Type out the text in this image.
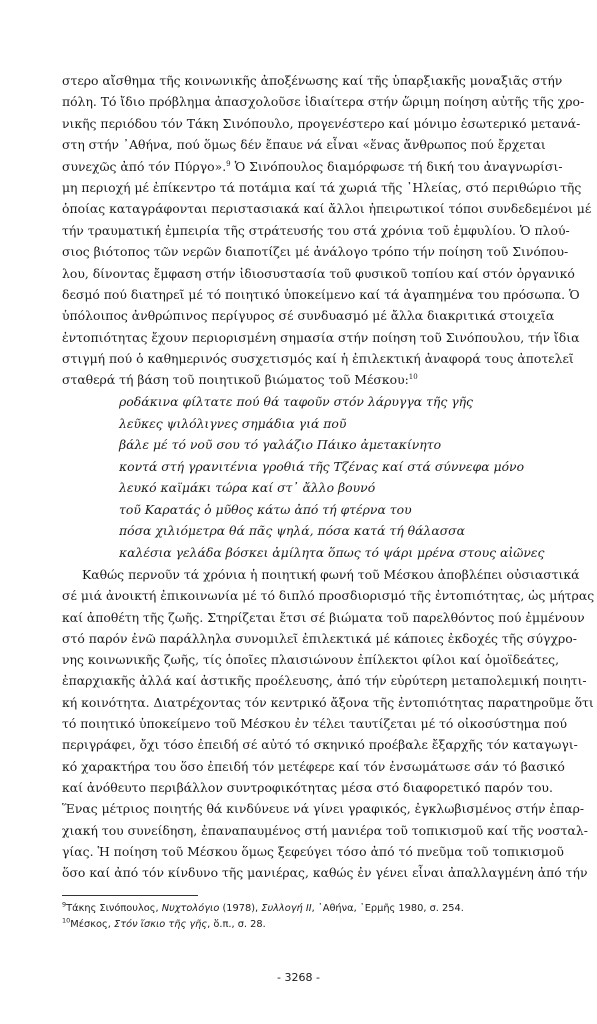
στερο αἴσθημα τῆς κοινωνικῆς ἀποξένωσης καί τῆς ὑπαρξιακῆς μοναξιᾶς στήν
πόλη. Τό ἴδιο πρόβλημα ἀπασχολοῦσε ἰδιαίτερα στήν ὥριμη ποίηση αὐτῆς τῆς χρο-
νικῆς περιόδου τόν Τάκη Σινόπουλο, προγενέστερο καί μόνιμο ἐσωτερικό μετανά-
στη στήν ᾿Αθήνα, πού ὅμως δέν ἔπαυε νά εἶναι «ἕνας ἄνθρωπος πού ἔρχεται
συνεχῶς ἀπό τόν Πύργο».$^9$ Ὁ Σινόπουλος διαμόρφωσε τή δική του ἀναγνωρίσι-
μη περιοχή μέ ἐπίκεντρο τά ποτάμια καί τά χωριά τῆς ᾿Ηλείας, στό περιθώριο τῆς
ὁποίας καταγράφονται περιστασιακά καί ἄλλοι ἠπειρωτικοί τόποι συνδεδεμένοι μέ
τήν τραυματική ἐμπειρία τῆς στράτευσής του στά χρόνια τοῦ ἐμφυλίου. Ὁ πλού-
σιος βιότοπος τῶν νερῶν διαποτίζει μέ ἀνάλογο τρόπο τήν ποίηση τοῦ Σινόπου-
λου, δίνοντας ἔμφαση στήν ἰδιοσυστασία τοῦ φυσικοῦ τοπίου καί στόν ὀργανικό
δεσμό πού διατηρεῖ μέ τό ποιητικό ὑποκείμενο καί τά ἀγαπημένα του πρόσωπα. Ὁ
ὑπόλοιπος ἀνθρώπινος περίγυρος σέ συνδυασμό μέ ἄλλα διακριτικά στοιχεῖα
ἐντοπιότητας ἔχουν περιορισμένη σημασία στήν ποίηση τοῦ Σινόπουλου, τήν ἴδια
στιγμή πού ὁ καθημερινός συσχετισμός καί ἡ ἐπιλεκτική ἀναφορά τους ἀποτελεῖ
σταθερά τή βάση τοῦ ποιητικοῦ βιώματος τοῦ Μέσκου:$^{10}$
ροδάκινα φίλτατε πού θά ταφοῦν στόν λάρυγγα τῆς γῆς
λεῦκες ψιλόλιγνες σημάδια γιά ποῦ
βάλε μέ τό νοῦ σου τό γαλάζιο Πάικο ἀμετακίνητο
κοντά στή γρανιτένια γροθιά τῆς Τζένας καί στά σύννεφα μόνο
λευκό καϊμάκι τώρα καί στ᾿ ἄλλο βουνό
τοῦ Καρατάς ὁ μῦθος κάτω ἀπό τή φτέρνα του
πόσα χιλιόμετρα θά πᾶς ψηλά, πόσα κατά τή θάλασσα
καλέσια γελάδα βόσκει ἀμίλητα ὅπως τό ψάρι μρένα στους αἰῶνες
Καθώς περνοῦν τά χρόνια ἡ ποιητική φωνή τοῦ Μέσκου ἀποβλέπει οὐσιαστικά
σέ μιά ἀνοικτή ἐπικοινωνία μέ τό διπλό προσδιορισμό τῆς ἐντοπιότητας, ὡς μήτρας
καί ἀποθέτη τῆς ζωῆς. Στηρίζεται ἔτσι σέ βιώματα τοῦ παρελθόντος πού ἐμμένουν
στό παρόν ἐνῶ παράλληλα συνομιλεῖ ἐπιλεκτικά μέ κάποιες ἐκδοχές τῆς σύγχρο-
νης κοινωνικῆς ζωῆς, τίς ὁποῖες πλαισιώνουν ἐπίλεκτοι φίλοι καί ὁμοϊδεάτες,
ἐπαρχιακῆς ἀλλά καί ἀστικῆς προέλευσης, ἀπό τήν εὐρύτερη μεταπολεμική ποιητι-
κή κοινότητα. Διατρέχοντας τόν κεντρικό ἄξονα τῆς ἐντοπιότητας παρατηροῦμε ὅτι
τό ποιητικό ὑποκείμενο τοῦ Μέσκου ἐν τέλει ταυτίζεται μέ τό οἰκοσύστημα πού
περιγράφει, ὄχι τόσο ἐπειδή σέ αὐτό τό σκηνικό προέβαλε ἔξαρχῆς τόν καταγωγι-
κό χαρακτήρα του ὅσο ἐπειδή τόν μετέφερε καί τόν ἐνσωμάτωσε σάν τό βασικό
καί ἀνόθευτο περιβάλλον συντροφικότητας μέσα στό διαφορετικό παρόν του.
Ἕνας μέτριος ποιητής θά κινδύνευε νά γίνει γραφικός, ἐγκλωβισμένος στήν ἐπαρ-
χιακή του συνείδηση, ἐπαναπαυμένος στή μανιέρα τοῦ τοπικισμοῦ καί τῆς νοσταλ-
γίας. Ἡ ποίηση τοῦ Μέσκου ὅμως ξεφεύγει τόσο ἀπό τό πνεῦμα τοῦ τοπικισμοῦ
ὅσο καί ἀπό τόν κίνδυνο τῆς μανιέρας, καθώς ἐν γένει εἶναι ἀπαλλαγμένη ἀπό τήν
$^9$Τάκης Σινόπουλος, Νυχτολόγιο (1978), Συλλογή ΙΙ, ᾿Αθήνα, ῾Ερμῆς 1980, σ. 254.
$^{10}$Μέσκος, Στόν ἴσκιο τῆς γῆς, ὅ.π., σ. 28.
- 3268 -
